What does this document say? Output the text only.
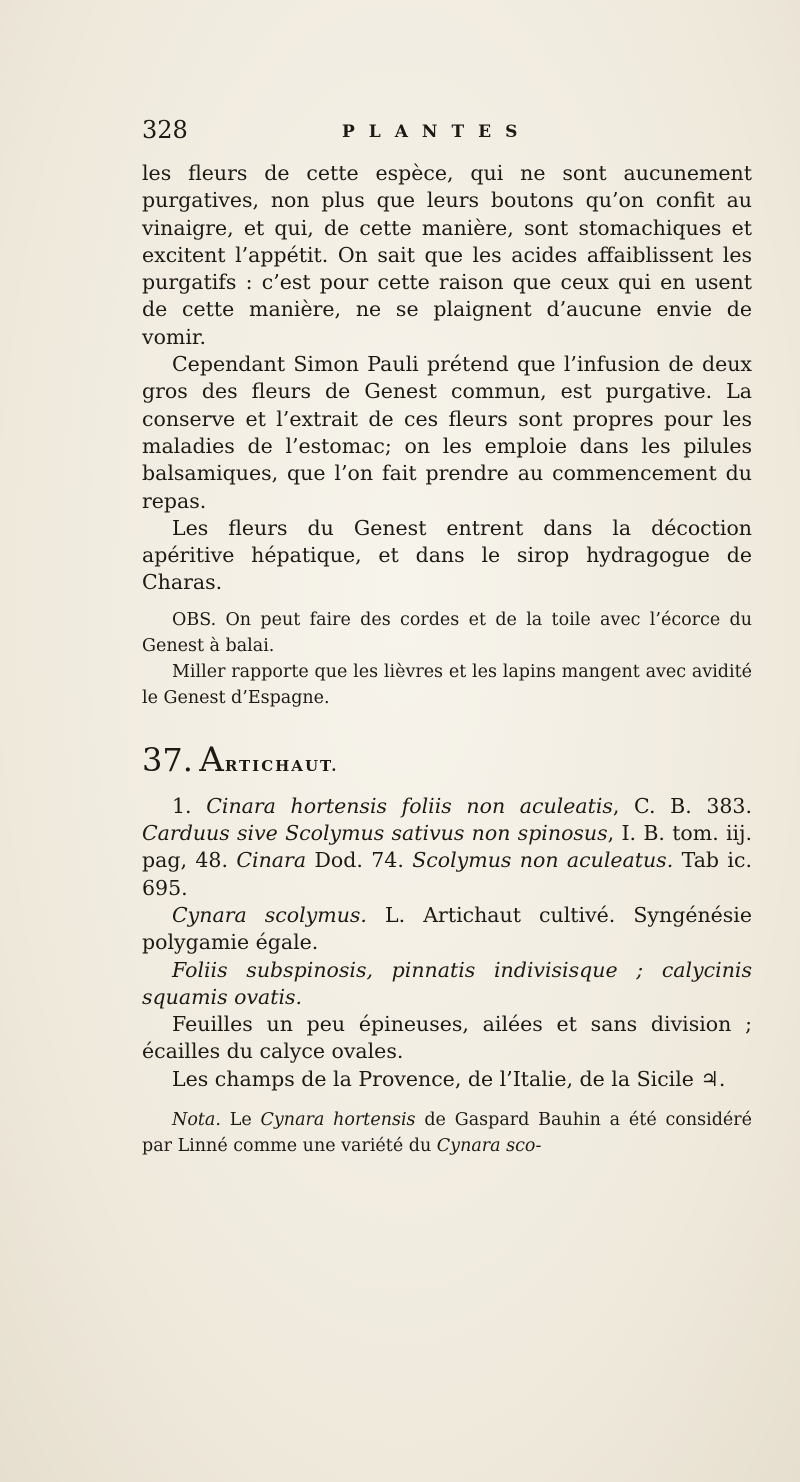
328	PLANTES

les fleurs de cette espèce, qui ne sont aucunement purgatives, non plus que leurs boutons qu’on confit au vinaigre, et qui, de cette manière, sont stomachiques et excitent l’appétit. On sait que les acides affaiblissent les purgatifs : c’est pour cette raison que ceux qui en usent de cette manière, ne se plaignent d’aucune envie de vomir.

Cependant Simon Pauli prétend que l’infusion de deux gros des fleurs de Genest commun, est purgative. La conserve et l’extrait de ces fleurs sont propres pour les maladies de l’estomac; on les emploie dans les pilules balsamiques, que l’on fait prendre au commencement du repas.

Les fleurs du Genest entrent dans la décoction apéritive hépatique, et dans le sirop hydragogue de Charas.

OBS. On peut faire des cordes et de la toile avec l’écorce du Genest à balai.

Miller rapporte que les lièvres et les lapins mangent avec avidité le Genest d’Espagne.

37. ARTICHAUT.

1. Cinara hortensis foliis non aculeatis, C. B. 383. Carduus sive Scolymus sativus non spinosus, I. B. tom. iij. pag, 48. Cinara Dod. 74. Scolymus non aculeatus. Tab ic. 695.

Cynara scolymus. L. Artichaut cultivé. Syngénésie polygamie égale.

Foliis subspinosis, pinnatis indivisisque ; calycinis squamis ovatis.

Feuilles un peu épineuses, ailées et sans division ; écailles du calyce ovales.

Les champs de la Provence, de l’Italie, de la Sicile ♃.

Nota. Le Cynara hortensis de Gaspard Bauhin a été considéré par Linné comme une variété du Cynara sco-
